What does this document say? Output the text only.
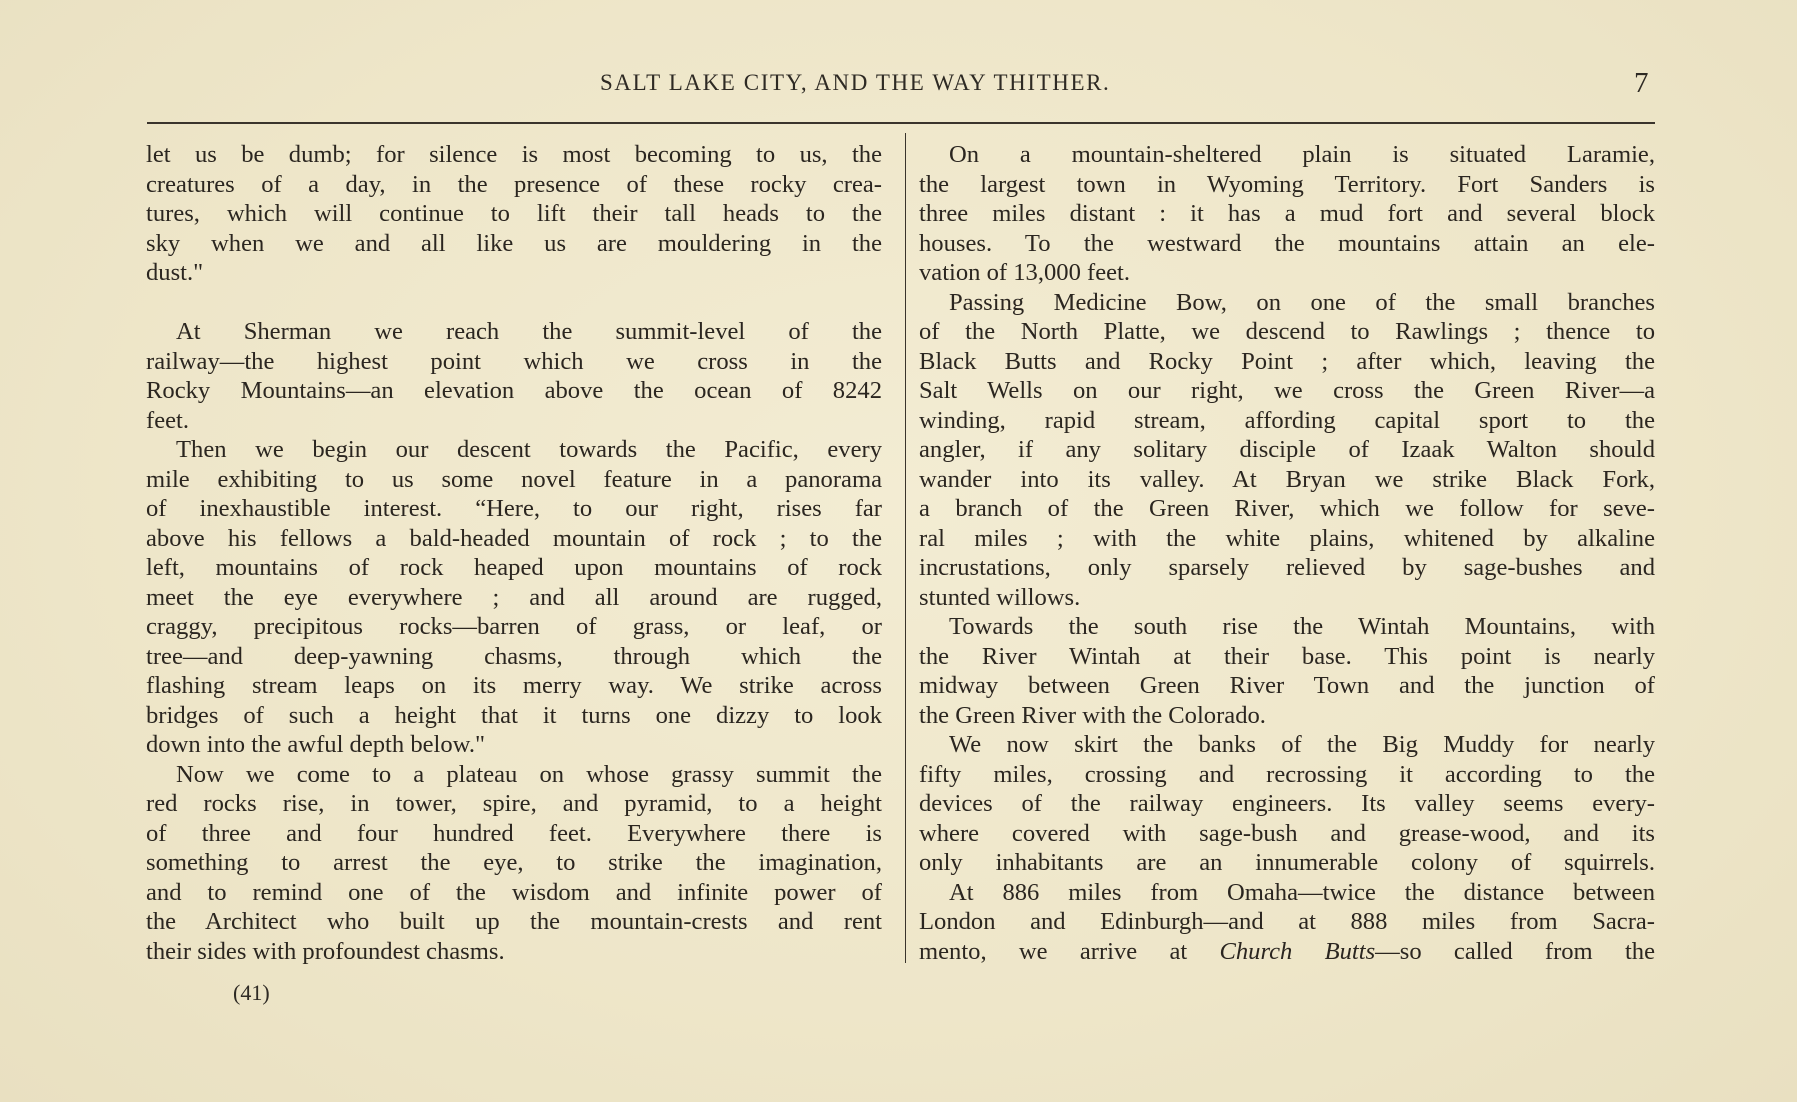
SALT LAKE CITY, AND THE WAY THITHER.	7
let us be dumb; for silence is most becoming to us, the
creatures of a day, in the presence of these rocky crea-
tures, which will continue to lift their tall heads to the
sky when we and all like us are mouldering in the
dust."
At Sherman we reach the summit-level of the
railway—the highest point which we cross in the
Rocky Mountains—an elevation above the ocean of 8242
feet.
Then we begin our descent towards the Pacific, every
mile exhibiting to us some novel feature in a panorama
of inexhaustible interest. “Here, to our right, rises far
above his fellows a bald-headed mountain of rock ; to the
left, mountains of rock heaped upon mountains of rock
meet the eye everywhere ; and all around are rugged,
craggy, precipitous rocks—barren of grass, or leaf, or
tree—and deep-yawning chasms, through which the
flashing stream leaps on its merry way. We strike across
bridges of such a height that it turns one dizzy to look
down into the awful depth below."
Now we come to a plateau on whose grassy summit the
red rocks rise, in tower, spire, and pyramid, to a height
of three and four hundred feet. Everywhere there is
something to arrest the eye, to strike the imagination,
and to remind one of the wisdom and infinite power of
the Architect who built up the mountain-crests and rent
their sides with profoundest chasms.
On a mountain-sheltered plain is situated Laramie,
the largest town in Wyoming Territory. Fort Sanders is
three miles distant : it has a mud fort and several block
houses. To the westward the mountains attain an ele-
vation of 13,000 feet.
Passing Medicine Bow, on one of the small branches
of the North Platte, we descend to Rawlings ; thence to
Black Butts and Rocky Point ; after which, leaving the
Salt Wells on our right, we cross the Green River—a
winding, rapid stream, affording capital sport to the
angler, if any solitary disciple of Izaak Walton should
wander into its valley. At Bryan we strike Black Fork,
a branch of the Green River, which we follow for seve-
ral miles ; with the white plains, whitened by alkaline
incrustations, only sparsely relieved by sage-bushes and
stunted willows.
Towards the south rise the Wintah Mountains, with
the River Wintah at their base. This point is nearly
midway between Green River Town and the junction of
the Green River with the Colorado.
We now skirt the banks of the Big Muddy for nearly
fifty miles, crossing and recrossing it according to the
devices of the railway engineers. Its valley seems every-
where covered with sage-bush and grease-wood, and its
only inhabitants are an innumerable colony of squirrels.
At 886 miles from Omaha—twice the distance between
London and Edinburgh—and at 888 miles from Sacra-
mento, we arrive at Church Butts—so called from the
(41)
